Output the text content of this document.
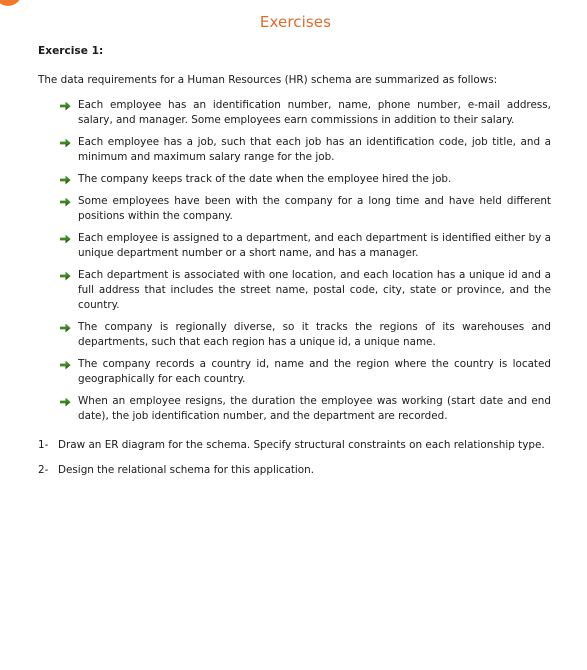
Exercises
Exercise 1:

The data requirements for a Human Resources (HR) schema are summarized as follows:

Each employee has an identification number, name, phone number, e-mail address, salary, and manager. Some employees earn commissions in addition to their salary.
Each employee has a job, such that each job has an identification code, job title, and a minimum and maximum salary range for the job.
The company keeps track of the date when the employee hired the job.
Some employees have been with the company for a long time and have held different positions within the company.
Each employee is assigned to a department, and each department is identified either by a unique department number or a short name, and has a manager.
Each department is associated with one location, and each location has a unique id and a full address that includes the street name, postal code, city, state or province, and the country.
The company is regionally diverse, so it tracks the regions of its warehouses and departments, such that each region has a unique id, a unique name.
The company records a country id, name and the region where the country is located geographically for each country.
When an employee resigns, the duration the employee was working (start date and end date), the job identification number, and the department are recorded.
1- Draw an ER diagram for the schema. Specify structural constraints on each relationship type.
2- Design the relational schema for this application.
